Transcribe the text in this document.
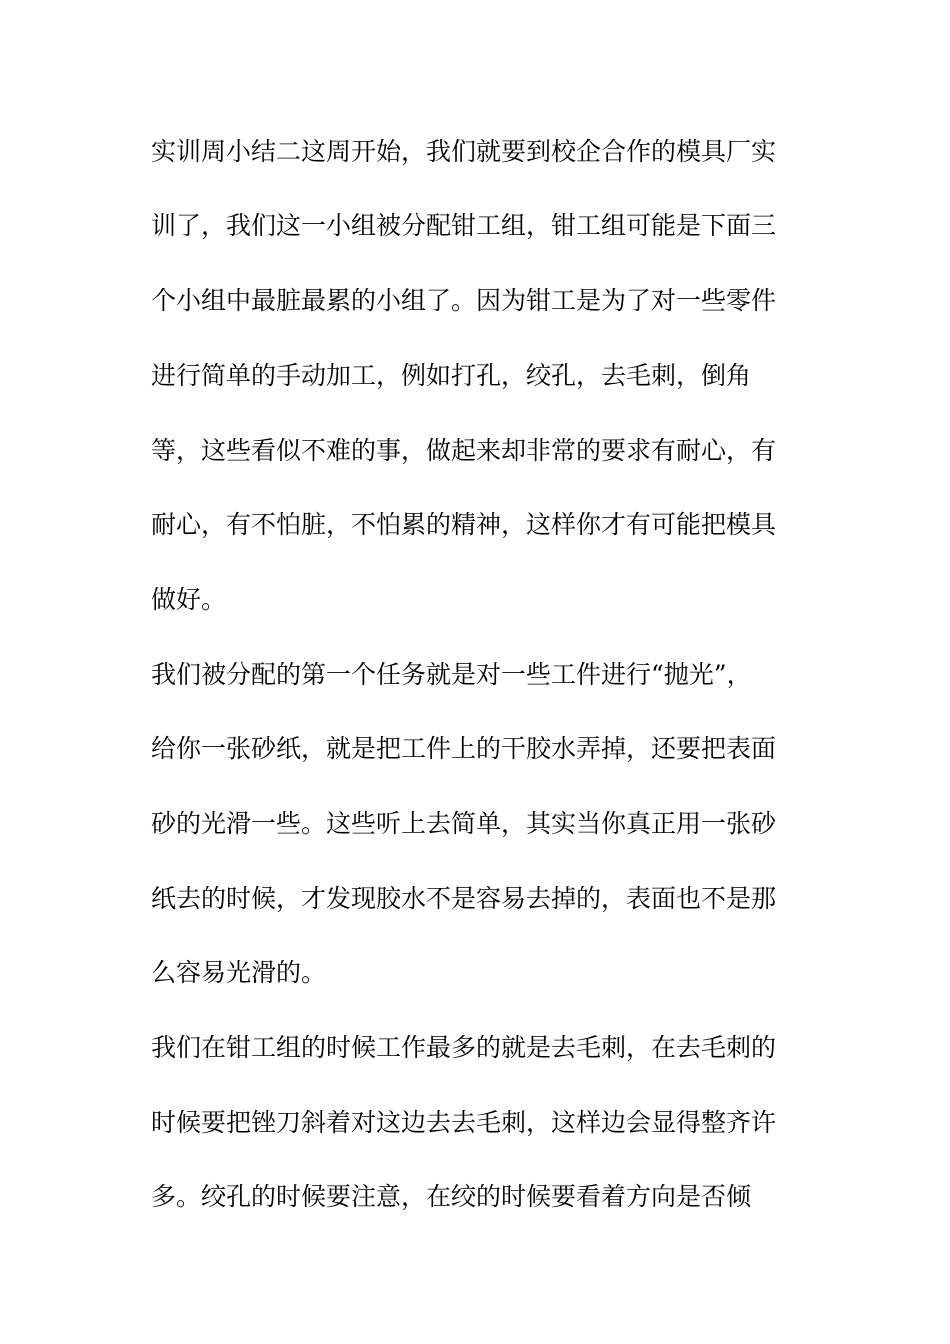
实训周小结二这周开始，我们就要到校企合作的模具厂实
训了，我们这一小组被分配钳工组，钳工组可能是下面三
个小组中最脏最累的小组了。因为钳工是为了对一些零件
进行简单的手动加工，例如打孔，绞孔，去毛刺，倒角
等，这些看似不难的事，做起来却非常的要求有耐心，有
耐心，有不怕脏，不怕累的精神，这样你才有可能把模具
做好。
我们被分配的第一个任务就是对一些工件进行“抛光”，
给你一张砂纸，就是把工件上的干胶水弄掉，还要把表面
砂的光滑一些。这些听上去简单，其实当你真正用一张砂
纸去的时候，才发现胶水不是容易去掉的，表面也不是那
么容易光滑的。
我们在钳工组的时候工作最多的就是去毛刺，在去毛刺的
时候要把锉刀斜着对这边去去毛刺，这样边会显得整齐许
多。绞孔的时候要注意，在绞的时候要看着方向是否倾
